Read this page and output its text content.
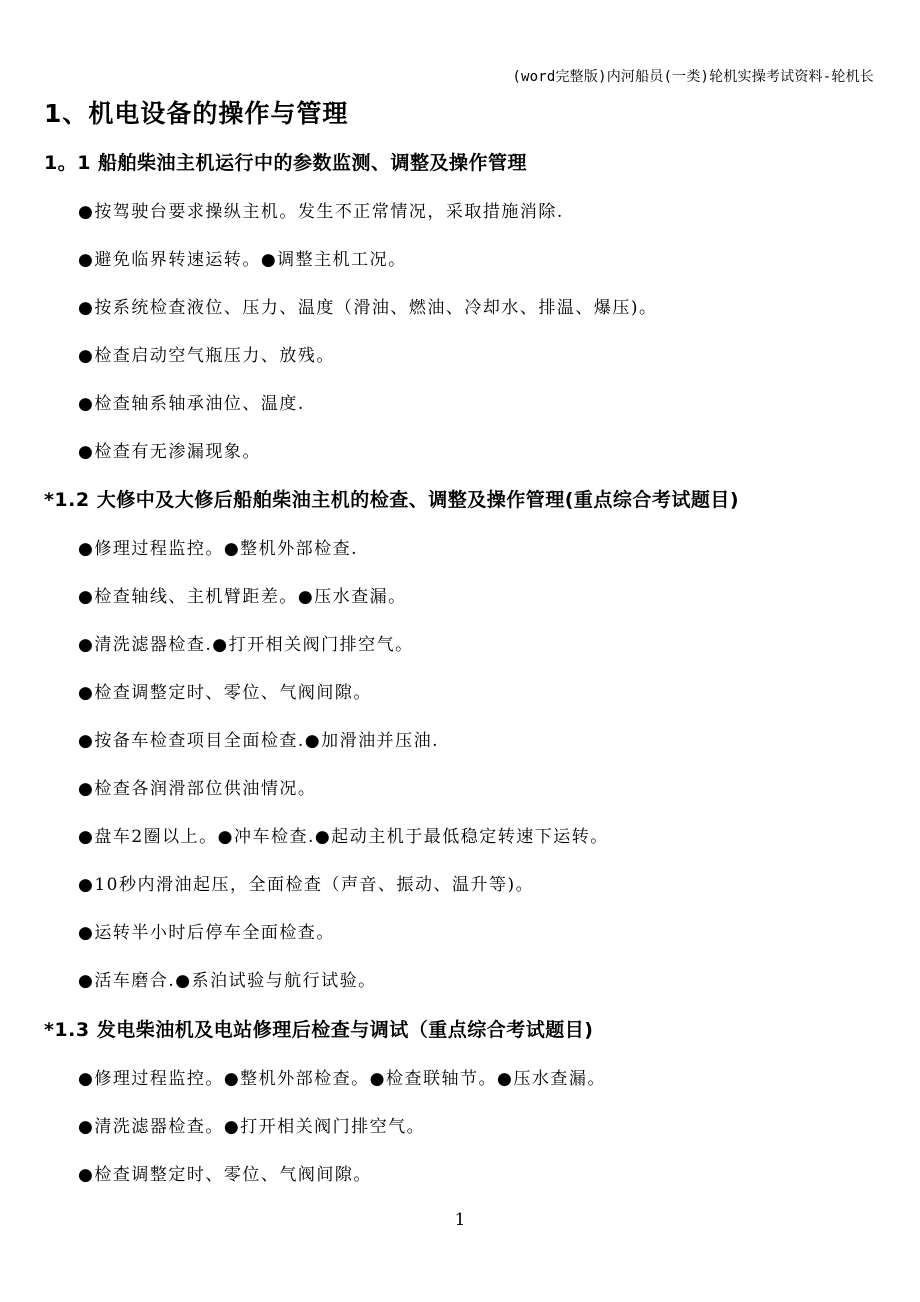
(word完整版)内河船员(一类)轮机实操考试资料-轮机长
1、机电设备的操作与管理
1。1 船舶柴油主机运行中的参数监测、调整及操作管理
●按驾驶台要求操纵主机。发生不正常情况，采取措施消除.
●避免临界转速运转。●调整主机工况。
●按系统检查液位、压力、温度（滑油、燃油、冷却水、排温、爆压)。
●检查启动空气瓶压力、放残。
●检查轴系轴承油位、温度.
●检查有无渗漏现象。
*1.2 大修中及大修后船舶柴油主机的检查、调整及操作管理(重点综合考试题目)
●修理过程监控。●整机外部检查.
●检查轴线、主机臂距差。●压水查漏。
●清洗滤器检查.●打开相关阀门排空气。
●检查调整定时、零位、气阀间隙。
●按备车检查项目全面检查.●加滑油并压油.
●检查各润滑部位供油情况。
●盘车2圈以上。●冲车检查.●起动主机于最低稳定转速下运转。
●10秒内滑油起压，全面检查（声音、振动、温升等)。
●运转半小时后停车全面检查。
●活车磨合.●系泊试验与航行试验。
*1.3 发电柴油机及电站修理后检查与调试（重点综合考试题目)
●修理过程监控。●整机外部检查。●检查联轴节。●压水查漏。
●清洗滤器检查。●打开相关阀门排空气。
●检查调整定时、零位、气阀间隙。
1
